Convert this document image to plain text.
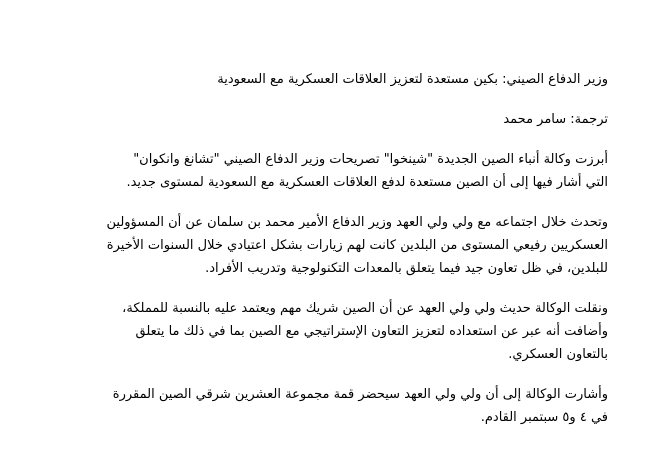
وزير الدفاع الصيني: بكين مستعدة لتعزيز العلاقات العسكرية مع السعودية

ترجمة: سامر محمد

أبرزت وكالة أنباء الصين الجديدة "شينخوا" تصريحات وزير الدفاع الصيني "تشانغ وانكوان"
التي أشار فيها إلى أن الصين مستعدة لدفع العلاقات العسكرية مع السعودية لمستوى جديد.

وتحدث خلال اجتماعه مع ولي ولي العهد وزير الدفاع الأمير محمد بن سلمان عن أن المسؤولين
العسكريين رفيعي المستوى من البلدين كانت لهم زيارات بشكل اعتيادي خلال السنوات الأخيرة
للبلدين، في ظل تعاون جيد فيما يتعلق بالمعدات التكنولوجية وتدريب الأفراد.

ونقلت الوكالة حديث ولي ولي العهد عن أن الصين شريك مهم ويعتمد عليه بالنسبة للمملكة،
وأضافت أنه عبر عن استعداده لتعزيز التعاون الإستراتيجي مع الصين بما في ذلك ما يتعلق
بالتعاون العسكري.

وأشارت الوكالة إلى أن ولي ولي العهد سيحضر قمة مجموعة العشرين شرقي الصين المقررة
في ٤ و٥ سبتمبر القادم.
